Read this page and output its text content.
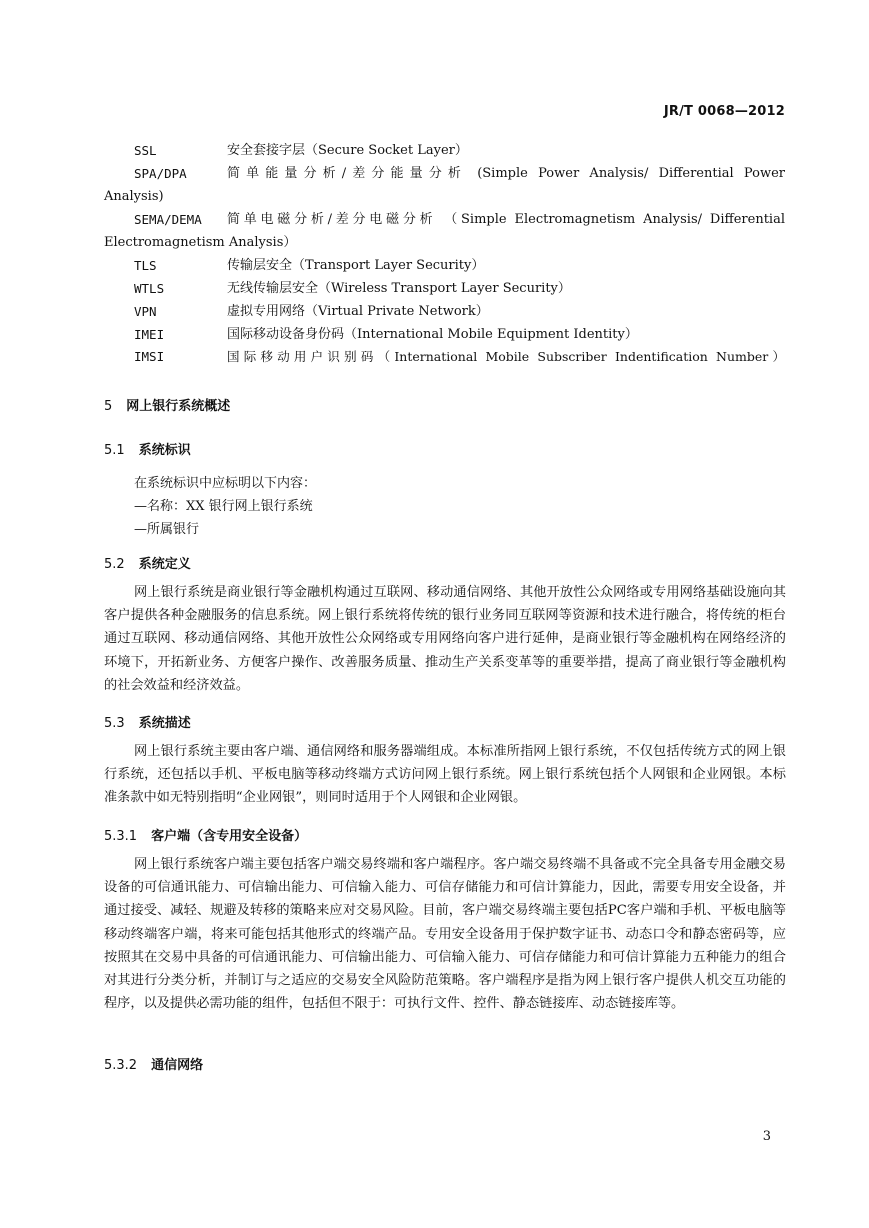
JR/T 0068—2012
SSL	安全套接字层（Secure Socket Layer）
SPA/DPA	简单能量分析/差分能量分析 (Simple Power Analysis/ Differential Power
Analysis)
SEMA/DEMA 简单电磁分析/差分电磁分析 （Simple Electromagnetism Analysis/ Differential
Electromagnetism Analysis）
TLS	传输层安全（Transport Layer Security）
WTLS	无线传输层安全（Wireless Transport Layer Security）
VPN	虚拟专用网络（Virtual Private Network）
IMEI	国际移动设备身份码（International Mobile Equipment Identity）
IMSI	国际移动用户识别码（International Mobile Subscriber Indentification Number）
5 网上银行系统概述
5.1 系统标识
在系统标识中应标明以下内容：
—名称：XX 银行网上银行系统
—所属银行
5.2 系统定义
网上银行系统是商业银行等金融机构通过互联网、移动通信网络、其他开放性公众网络或专用网络基础设施向其客户提供各种金融服务的信息系统。网上银行系统将传统的银行业务同互联网等资源和技术进行融合，将传统的柜台通过互联网、移动通信网络、其他开放性公众网络或专用网络向客户进行延伸，是商业银行等金融机构在网络经济的环境下，开拓新业务、方便客户操作、改善服务质量、推动生产关系变革等的重要举措，提高了商业银行等金融机构的社会效益和经济效益。
5.3 系统描述
网上银行系统主要由客户端、通信网络和服务器端组成。本标准所指网上银行系统，不仅包括传统方式的网上银行系统，还包括以手机、平板电脑等移动终端方式访问网上银行系统。网上银行系统包括个人网银和企业网银。本标准条款中如无特别指明“企业网银”，则同时适用于个人网银和企业网银。
5.3.1 客户端（含专用安全设备）
网上银行系统客户端主要包括客户端交易终端和客户端程序。客户端交易终端不具备或不完全具备专用金融交易设备的可信通讯能力、可信输出能力、可信输入能力、可信存储能力和可信计算能力，因此，需要专用安全设备，并通过接受、减轻、规避及转移的策略来应对交易风险。目前，客户端交易终端主要包括PC客户端和手机、平板电脑等移动终端客户端，将来可能包括其他形式的终端产品。专用安全设备用于保护数字证书、动态口令和静态密码等，应按照其在交易中具备的可信通讯能力、可信输出能力、可信输入能力、可信存储能力和可信计算能力五种能力的组合对其进行分类分析，并制订与之适应的交易安全风险防范策略。客户端程序是指为网上银行客户提供人机交互功能的程序，以及提供必需功能的组件，包括但不限于：可执行文件、控件、静态链接库、动态链接库等。
5.3.2 通信网络
3
